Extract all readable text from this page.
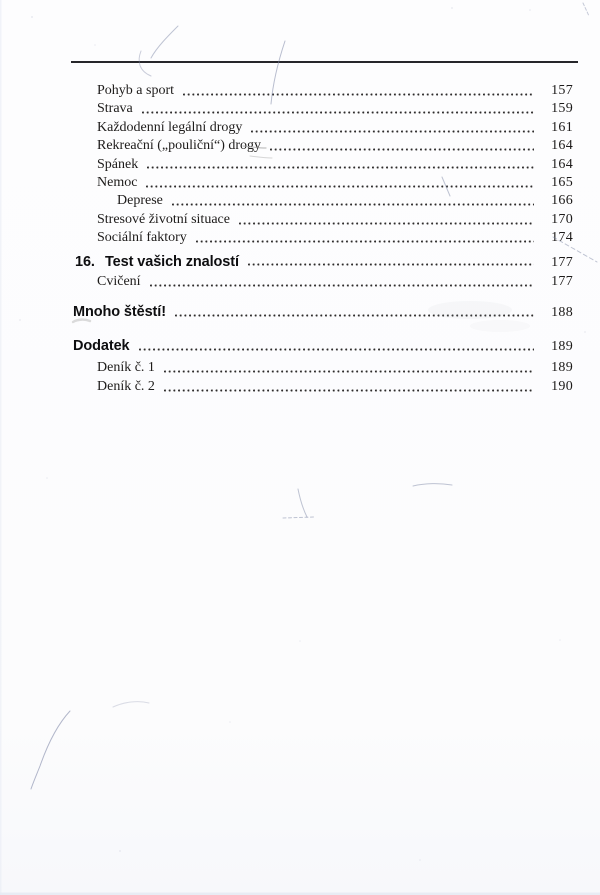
Pohyb a sport	157
Strava	159
Každodenní legální drogy	161
Rekreační („pouliční“) drogy	164
Spánek	164
Nemoc	165
Deprese	166
Stresové životní situace	170
Sociální faktory	174
16. Test vašich znalostí	177
Cvičení	177
Mnoho štěstí!	188
Dodatek	189
Deník č. 1	189
Deník č. 2	190
